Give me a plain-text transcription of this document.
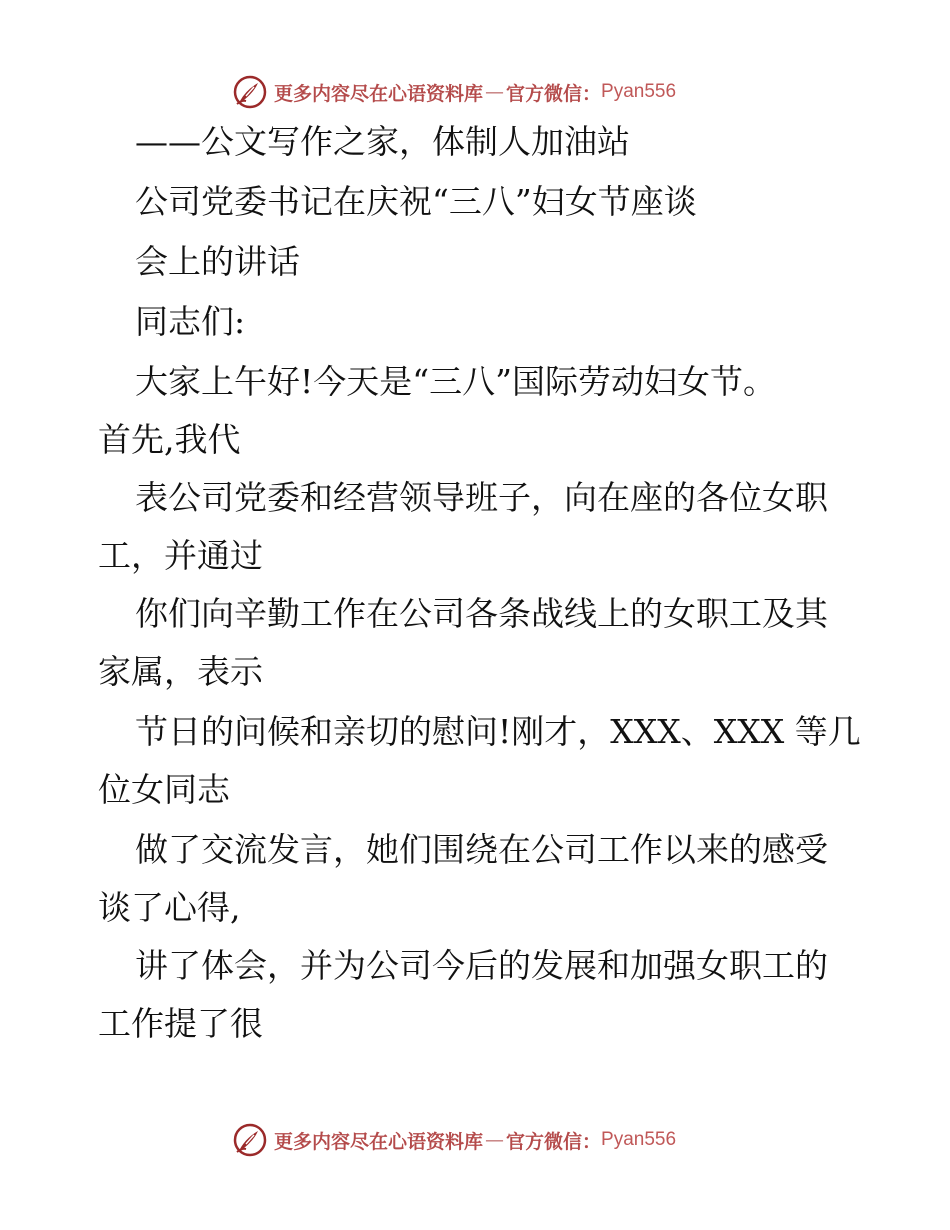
更多内容尽在心语资料库 — 官方微信： Pyan556
——公文写作之家，体制人加油站
公司党委书记在庆祝“三八”妇女节座谈
会上的讲话
同志们:
大家上午好!今天是“三八”国际劳动妇女节。
首先,我代
表公司党委和经营领导班子，向在座的各位女职
工，并通过
你们向辛勤工作在公司各条战线上的女职工及其
家属，表示
节日的问候和亲切的慰问!刚才，XXX、XXX 等几
位女同志
做了交流发言，她们围绕在公司工作以来的感受
谈了心得,
讲了体会，并为公司今后的发展和加强女职工的
工作提了很
更多内容尽在心语资料库 — 官方微信： Pyan556
